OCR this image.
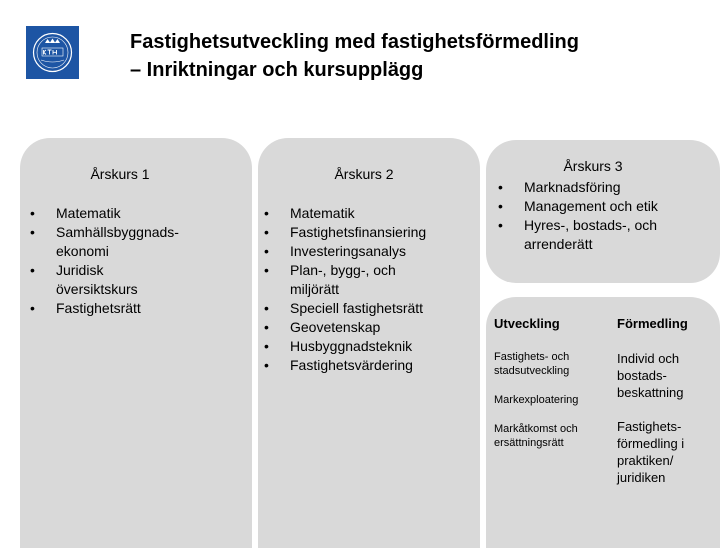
Fastighetsutveckling med fastighetsförmedling
– Inriktningar och kursupplägg

Årskurs 1

• Matematik
• Samhällsbyggnads-ekonomi
• Juridisk översiktskurs
• Fastighetsrätt

Årskurs 2

• Matematik
• Fastighetsfinansiering
• Investeringsanalys
• Plan-, bygg-, och miljörätt
• Speciell fastighetsrätt
• Geovetenskap
• Husbyggnadsteknik
• Fastighetsvärdering

Årskurs 3

• Marknadsföring
• Management och etik
• Hyres-, bostads-, och arrenderätt

Utveckling	Förmedling

Fastighets- och stadsutveckling

Markexploatering

Markåtkomst och ersättningsrätt

Individ och bostads-beskattning

Fastighets-förmedling i praktiken/ juridiken
